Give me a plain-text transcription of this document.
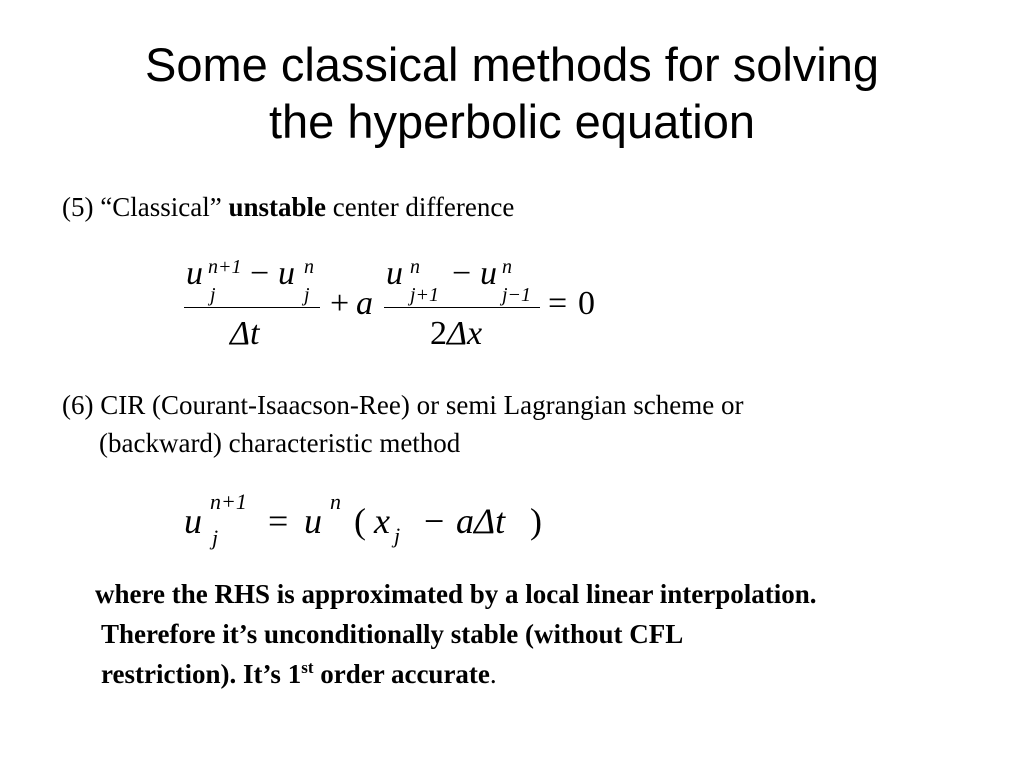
Some classical methods for solving
the hyperbolic equation
(5) “Classical” unstable center difference
u n+1
j
− u n
j
Δt
+ a
u n
j+1
− u n
j−1
2Δx
= 0
(6) CIR (Courant-Isaacson-Ree) or semi Lagrangian scheme or
(backward) characteristic method
u n+1
j = u n ( x j − aΔt )
where the RHS is approximated by a local linear interpolation.
Therefore it’s unconditionally stable (without CFL
restriction). It’s 1st order accurate.
